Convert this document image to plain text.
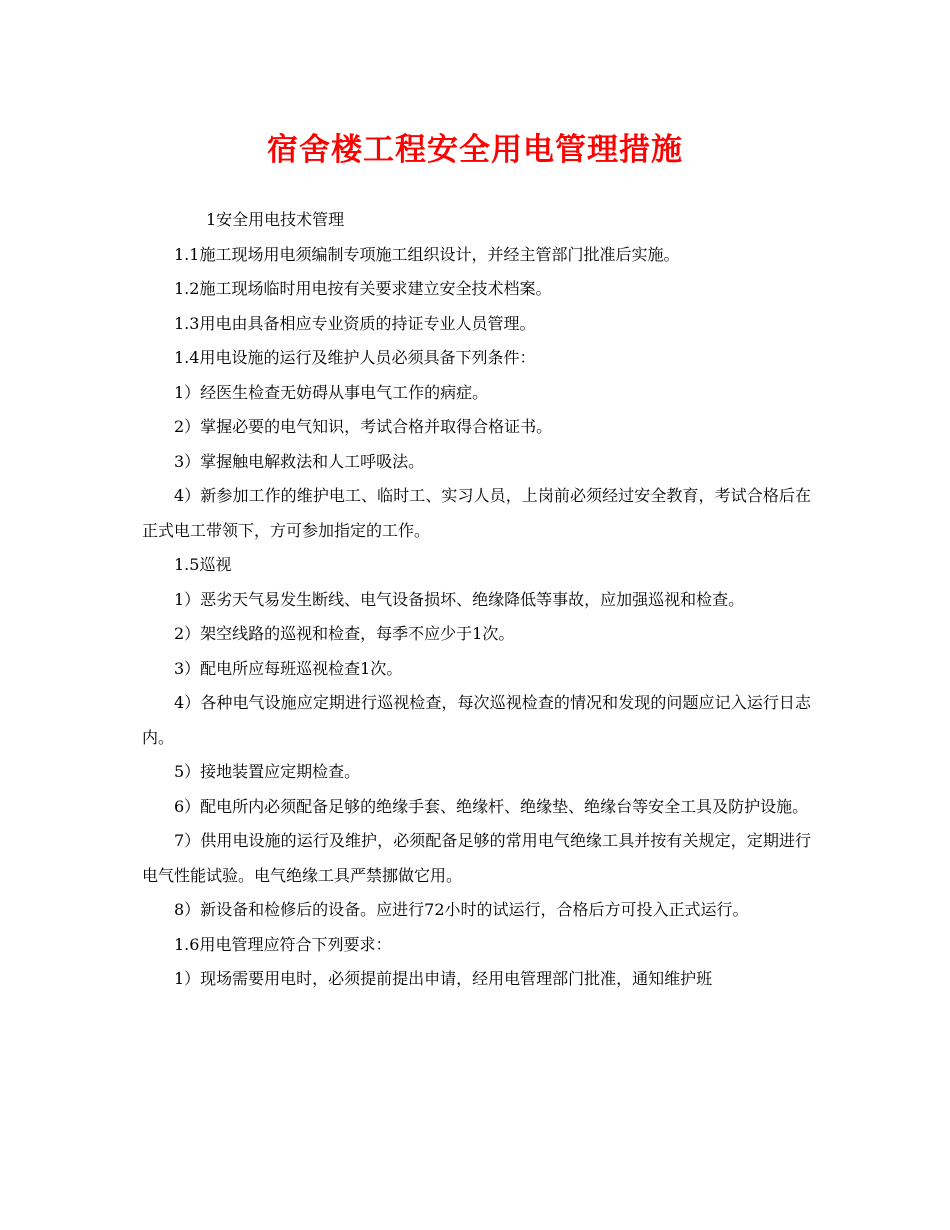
宿舍楼工程安全用电管理措施

1安全用电技术管理

1.1施工现场用电须编制专项施工组织设计，并经主管部门批准后实施。

1.2施工现场临时用电按有关要求建立安全技术档案。

1.3用电由具备相应专业资质的持证专业人员管理。

1.4用电设施的运行及维护人员必须具备下列条件：

1）经医生检查无妨碍从事电气工作的病症。

2）掌握必要的电气知识，考试合格并取得合格证书。

3）掌握触电解救法和人工呼吸法。

4）新参加工作的维护电工、临时工、实习人员，上岗前必须经过安全教育，考试合格后在正式电工带领下，方可参加指定的工作。

1.5巡视

1）恶劣天气易发生断线、电气设备损坏、绝缘降低等事故，应加强巡视和检查。

2）架空线路的巡视和检查，每季不应少于1次。

3）配电所应每班巡视检查1次。

4）各种电气设施应定期进行巡视检查，每次巡视检查的情况和发现的问题应记入运行日志内。

5）接地装置应定期检查。

6）配电所内必须配备足够的绝缘手套、绝缘杆、绝缘垫、绝缘台等安全工具及防护设施。

7）供用电设施的运行及维护，必须配备足够的常用电气绝缘工具并按有关规定，定期进行电气性能试验。电气绝缘工具严禁挪做它用。

8）新设备和检修后的设备。应进行72小时的试运行，合格后方可投入正式运行。

1.6用电管理应符合下列要求：

1）现场需要用电时，必须提前提出申请，经用电管理部门批准，通知维护班
